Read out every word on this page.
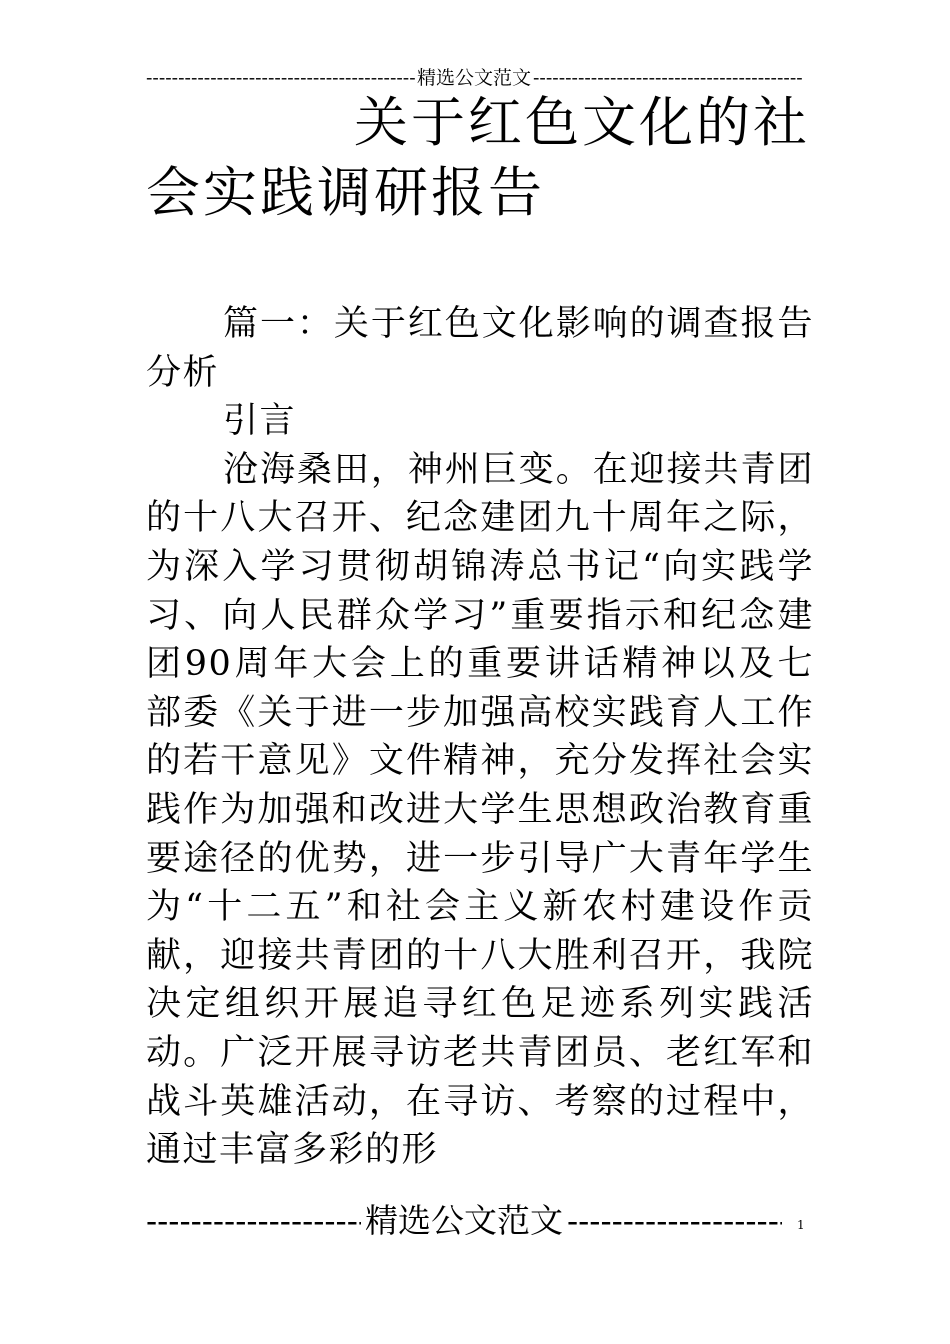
-----
精选公文范文
-----
关于红色文化的社
会实践调研报告

篇一：关于红色文化影响的调查报告分析

引言

沧海桑田，神州巨变。在迎接共青团的十八大召开、纪念建团九十周年之际，为深入学习贯彻胡锦涛总书记“向实践学习、向人民群众学习”重要指示和纪念建团90周年大会上的重要讲话精神以及七部委《关于进一步加强高校实践育人工作的若干意见》文件精神，充分发挥社会实践作为加强和改进大学生思想政治教育重要途径的优势，进一步引导广大青年学生为“十二五”和社会主义新农村建设作贡献，迎接共青团的十八大胜利召开，我院决定组织开展追寻红色足迹系列实践活动。广泛开展寻访老共青团员、老红军和战斗英雄活动，在寻访、考察的过程中，通过丰富多彩的形

-----
精选公文范文
-----	1
